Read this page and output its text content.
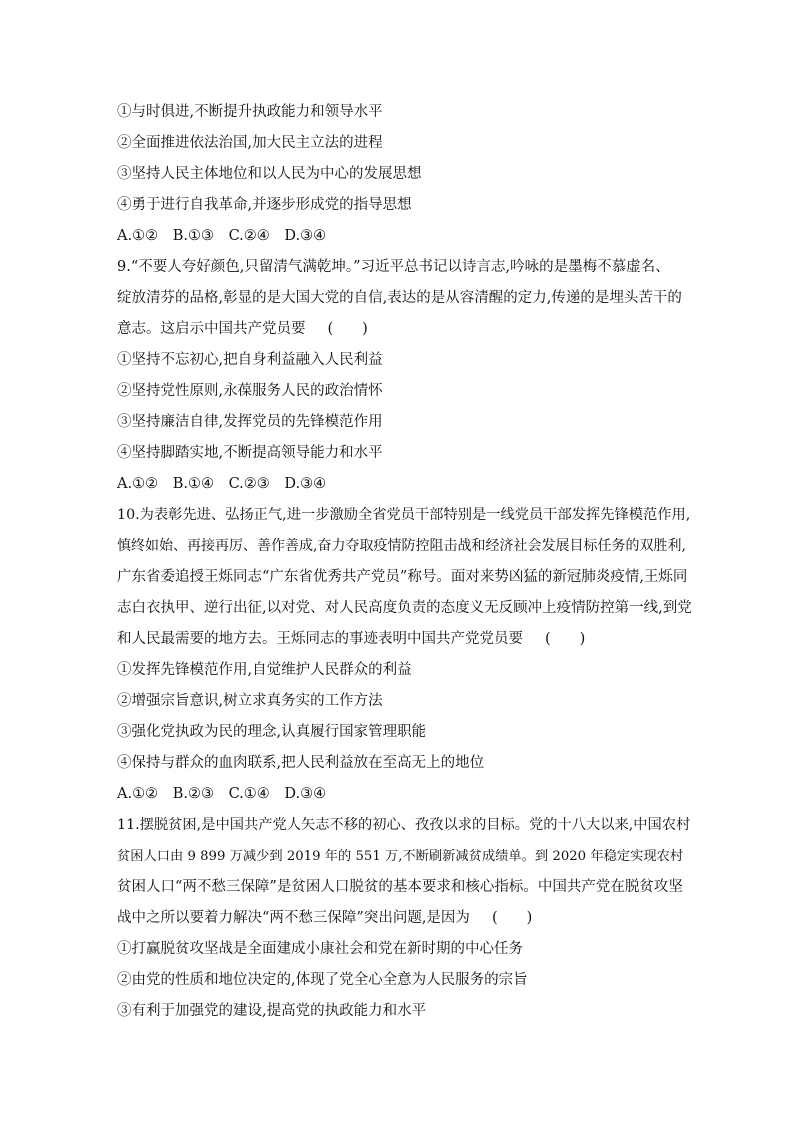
①与时俱进,不断提升执政能力和领导水平
②全面推进依法治国,加大民主立法的进程
③坚持人民主体地位和以人民为中心的发展思想
④勇于进行自我革命,并逐步形成党的指导思想
A.①② B.①③ C.②④ D.③④
9.“不要人夸好颜色,只留清气满乾坤。”习近平总书记以诗言志,吟咏的是墨梅不慕虚名、
绽放清芬的品格,彰显的是大国大党的自信,表达的是从容清醒的定力,传递的是埋头苦干的
意志。这启示中国共产党员要 (　　)
①坚持不忘初心,把自身利益融入人民利益
②坚持党性原则,永葆服务人民的政治情怀
③坚持廉洁自律,发挥党员的先锋模范作用
④坚持脚踏实地,不断提高领导能力和水平
A.①② B.①④ C.②③ D.③④
10.为表彰先进、弘扬正气,进一步激励全省党员干部特别是一线党员干部发挥先锋模范作用,
慎终如始、再接再厉、善作善成,奋力夺取疫情防控阻击战和经济社会发展目标任务的双胜利,
广东省委追授王烁同志“广东省优秀共产党员”称号。面对来势凶猛的新冠肺炎疫情,王烁同
志白衣执甲、逆行出征,以对党、对人民高度负责的态度义无反顾冲上疫情防控第一线,到党
和人民最需要的地方去。王烁同志的事迹表明中国共产党党员要 (　　)
①发挥先锋模范作用,自觉维护人民群众的利益
②增强宗旨意识,树立求真务实的工作方法
③强化党执政为民的理念,认真履行国家管理职能
④保持与群众的血肉联系,把人民利益放在至高无上的地位
A.①② B.②③ C.①④ D.③④
11.摆脱贫困,是中国共产党人矢志不移的初心、孜孜以求的目标。党的十八大以来,中国农村
贫困人口由 9 899 万减少到 2019 年的 551 万,不断刷新减贫成绩单。到 2020 年稳定实现农村
贫困人口“两不愁三保障”是贫困人口脱贫的基本要求和核心指标。中国共产党在脱贫攻坚
战中之所以要着力解决“两不愁三保障”突出问题,是因为 (　　)
①打赢脱贫攻坚战是全面建成小康社会和党在新时期的中心任务
②由党的性质和地位决定的,体现了党全心全意为人民服务的宗旨
③有利于加强党的建设,提高党的执政能力和水平
